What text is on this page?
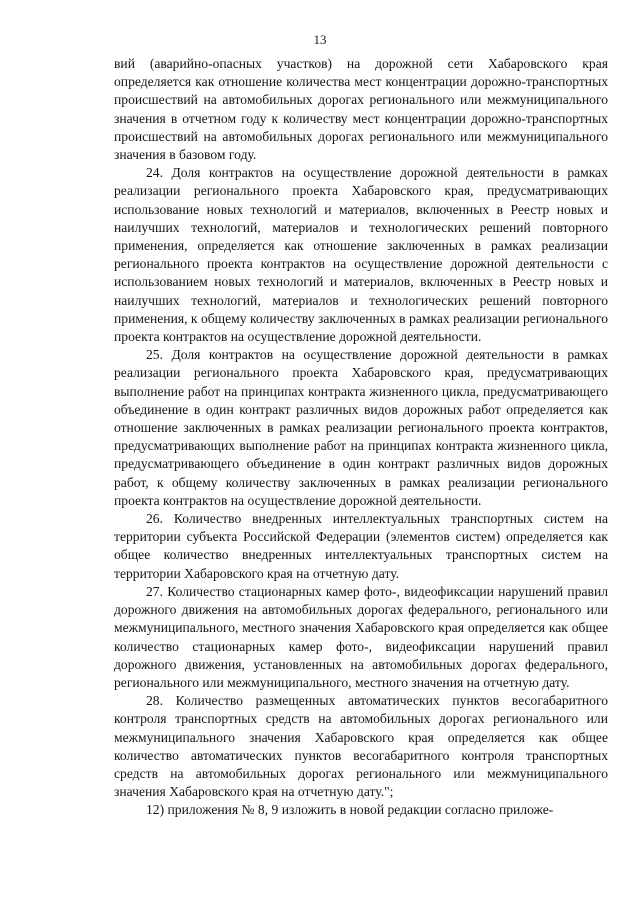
13

вий (аварийно-опасных участков) на дорожной сети Хабаровского края определяется как отношение количества мест концентрации дорожно-транспортных происшествий на автомобильных дорогах регионального или межмуниципального значения в отчетном году к количеству мест концентрации дорожно-транспортных происшествий на автомобильных дорогах регионального или межмуниципального значения в базовом году.

24. Доля контрактов на осуществление дорожной деятельности в рамках реализации регионального проекта Хабаровского края, предусматривающих использование новых технологий и материалов, включенных в Реестр новых и наилучших технологий, материалов и технологических решений повторного применения, определяется как отношение заключенных в рамках реализации регионального проекта контрактов на осуществление дорожной деятельности с использованием новых технологий и материалов, включенных в Реестр новых и наилучших технологий, материалов и технологических решений повторного применения, к общему количеству заключенных в рамках реализации регионального проекта контрактов на осуществление дорожной деятельности.

25. Доля контрактов на осуществление дорожной деятельности в рамках реализации регионального проекта Хабаровского края, предусматривающих выполнение работ на принципах контракта жизненного цикла, предусматривающего объединение в один контракт различных видов дорожных работ определяется как отношение заключенных в рамках реализации регионального проекта контрактов, предусматривающих выполнение работ на принципах контракта жизненного цикла, предусматривающего объединение в один контракт различных видов дорожных работ, к общему количеству заключенных в рамках реализации регионального проекта контрактов на осуществление дорожной деятельности.

26. Количество внедренных интеллектуальных транспортных систем на территории субъекта Российской Федерации (элементов систем) определяется как общее количество внедренных интеллектуальных транспортных систем на территории Хабаровского края на отчетную дату.

27. Количество стационарных камер фото-, видеофиксации нарушений правил дорожного движения на автомобильных дорогах федерального, регионального или межмуниципального, местного значения Хабаровского края определяется как общее количество стационарных камер фото-, видеофиксации нарушений правил дорожного движения, установленных на автомобильных дорогах федерального, регионального или межмуниципального, местного значения на отчетную дату.

28. Количество размещенных автоматических пунктов весогабаритного контроля транспортных средств на автомобильных дорогах регионального или межмуниципального значения Хабаровского края определяется как общее количество автоматических пунктов весогабаритного контроля транспортных средств на автомобильных дорогах регионального или межмуниципального значения Хабаровского края на отчетную дату.";

12) приложения № 8, 9 изложить в новой редакции согласно приложе-
